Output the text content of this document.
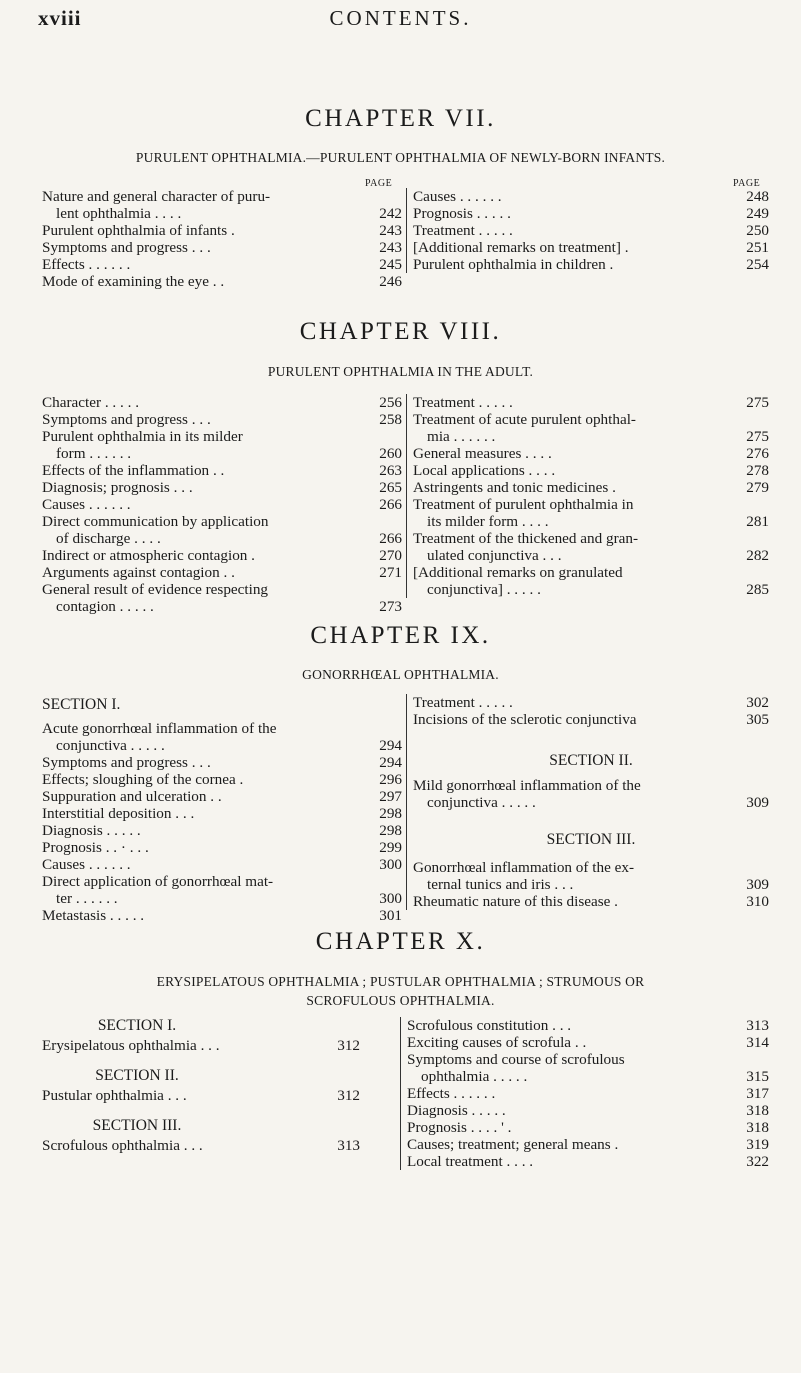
xviii	CONTENTS.
CHAPTER VII.
PURULENT OPHTHALMIA.—PURULENT OPHTHALMIA OF NEWLY-BORN INFANTS.
PAGE	PAGE
Nature and general character of puru-
lent ophthalmia . . . .	242
Purulent ophthalmia of infants .	243
Symptoms and progress . . .	243
Effects . . . . . .	245
Mode of examining the eye . .	246
Causes . . . . . .	248
Prognosis . . . . .	249
Treatment . . . . .	250
[Additional remarks on treatment] .	251
Purulent ophthalmia in children .	254
CHAPTER VIII.
PURULENT OPHTHALMIA IN THE ADULT.
Character . . . . .	256
Symptoms and progress . . .	258
Purulent ophthalmia in its milder
form . . . . . .	260
Effects of the inflammation . .	263
Diagnosis; prognosis . . .	265
Causes . . . . . .	266
Direct communication by application
of discharge . . . .	266
Indirect or atmospheric contagion .	270
Arguments against contagion . .	271
General result of evidence respecting
contagion . . . . .	273
Treatment . . . . .	275
Treatment of acute purulent ophthal-
mia . . . . . .	275
General measures . . . .	276
Local applications . . . .	278
Astringents and tonic medicines .	279
Treatment of purulent ophthalmia in
its milder form . . . .	281
Treatment of the thickened and gran-
ulated conjunctiva . . .	282
[Additional remarks on granulated
conjunctiva] . . . . .	285
CHAPTER IX.
GONORRHŒAL OPHTHALMIA.
SECTION I.
Acute gonorrhœal inflammation of the
conjunctiva . . . . .	294
Symptoms and progress . . .	294
Effects; sloughing of the cornea .	296
Suppuration and ulceration . .	297
Interstitial deposition . . .	298
Diagnosis . . . . .	298
Prognosis . . · . . .	299
Causes . . . . . .	300
Direct application of gonorrhœal mat-
ter . . . . . .	300
Metastasis . . . . .	301
Treatment . . . . .	302
Incisions of the sclerotic conjunctiva	305
SECTION II.
Mild gonorrhœal inflammation of the
conjunctiva . . . . .	309
SECTION III.
Gonorrhœal inflammation of the ex-
ternal tunics and iris . . .	309
Rheumatic nature of this disease .	310
CHAPTER X.
ERYSIPELATOUS OPHTHALMIA ; PUSTULAR OPHTHALMIA ; STRUMOUS OR
SCROFULOUS OPHTHALMIA.
SECTION I.
Erysipelatous ophthalmia . . .	312
SECTION II.
Pustular ophthalmia . . .	312
SECTION III.
Scrofulous ophthalmia . . .	313
Scrofulous constitution . . .	313
Exciting causes of scrofula . .	314
Symptoms and course of scrofulous
ophthalmia . . . . .	315
Effects . . . . . .	317
Diagnosis . . . . .	318
Prognosis . . . . ' .	318
Causes; treatment; general means .	319
Local treatment . . . .	322
